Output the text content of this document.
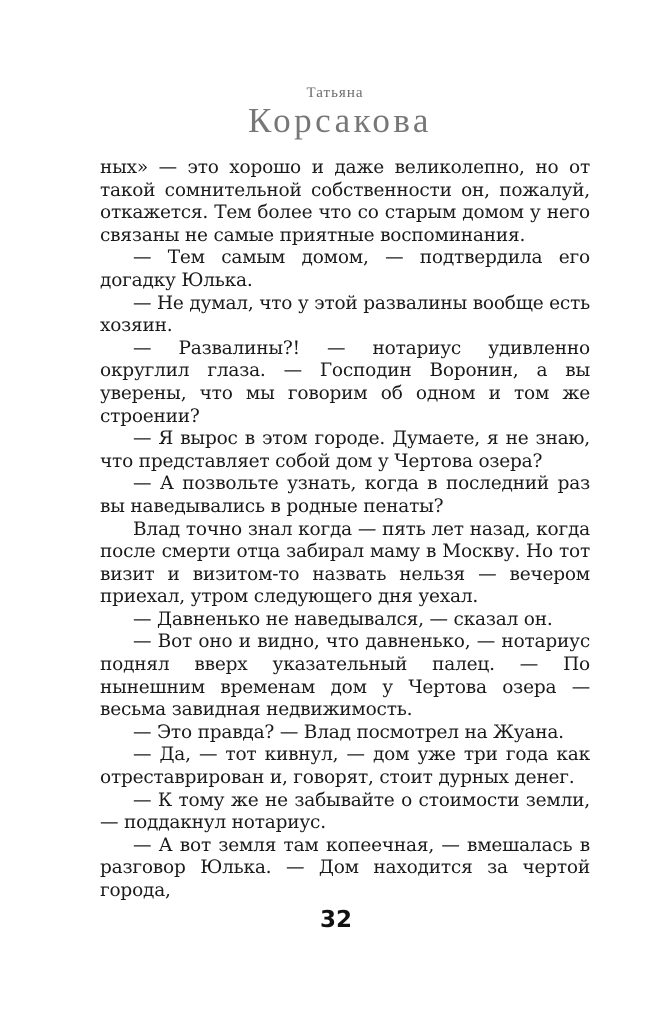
Татьяна
Корсакова

ных» — это хорошо и даже великолепно, но от такой сомнительной собственности он, пожалуй, откажется. Тем более что со старым домом у него связаны не самые приятные воспоминания.

— Тем самым домом, — подтвердила его догадку Юлька.

— Не думал, что у этой развалины вообще есть хозяин.

— Развалины?! — нотариус удивленно округлил глаза. — Господин Воронин, а вы уверены, что мы говорим об одном и том же строении?

— Я вырос в этом городе. Думаете, я не знаю, что представляет собой дом у Чертова озера?

— А позвольте узнать, когда в последний раз вы наведывались в родные пенаты?

Влад точно знал когда — пять лет назад, когда после смерти отца забирал маму в Москву. Но тот визит и визитом-то назвать нельзя — вечером приехал, утром следующего дня уехал.

— Давненько не наведывался, — сказал он.

— Вот оно и видно, что давненько, — нотариус поднял вверх указательный палец. — По нынешним временам дом у Чертова озера — весьма завидная недвижимость.

— Это правда? — Влад посмотрел на Жуана.

— Да, — тот кивнул, — дом уже три года как отреставрирован и, говорят, стоит дурных денег.

— К тому же не забывайте о стоимости земли, — поддакнул нотариус.

— А вот земля там копеечная, — вмешалась в разговор Юлька. — Дом находится за чертой города,

32
